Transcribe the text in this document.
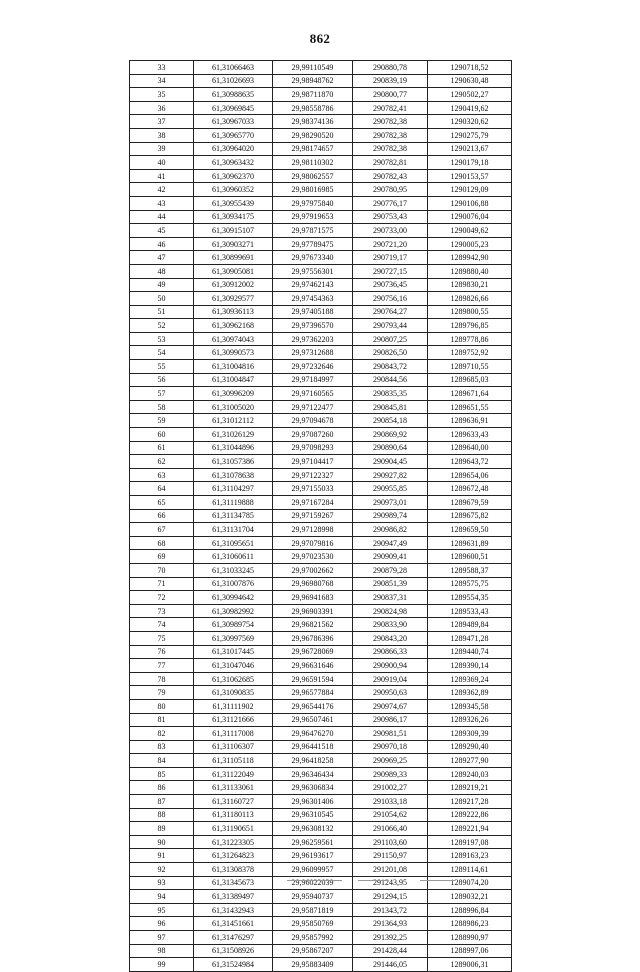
862
33	61,31066463	29,99110549	290880,78	1290718,52
34	61,31026693	29,98948762	290839,19	1290630,48
35	61,30988635	29,98711870	290800,77	1290502,27
36	61,30969845	29,98558786	290782,41	1290419,62
37	61,30967033	29,98374136	290782,38	1290320,62
38	61,30965770	29,98290520	290782,38	1290275,79
39	61,30964020	29,98174657	290782,38	1290213,67
40	61,30963432	29,98110302	290782,81	1290179,18
41	61,30962370	29,98062557	290782,43	1290153,57
42	61,30960352	29,98016985	290780,95	1290129,09
43	61,30955439	29,97975840	290776,17	1290106,88
44	61,30934175	29,97919653	290753,43	1290076,04
45	61,30915107	29,97871575	290733,00	1290049,62
46	61,30903271	29,97789475	290721,20	1290005,23
47	61,30899691	29,97673340	290719,17	1289942,90
48	61,30905081	29,97556301	290727,15	1289880,40
49	61,30912002	29,97462143	290736,45	1289830,21
50	61,30929577	29,97454363	290756,16	1289826,66
51	61,30936113	29,97405188	290764,27	1289800,55
52	61,30962168	29,97396570	290793,44	1289796,85
53	61,30974043	29,97362203	290807,25	1289778,86
54	61,30990573	29,97312688	290826,50	1289752,92
55	61,31004816	29,97232646	290843,72	1289710,55
56	61,31004847	29,97184997	290844,56	1289685,03
57	61,30996209	29,97160565	290835,35	1289671,64
58	61,31005020	29,97122477	290845,81	1289651,55
59	61,31012112	29,97094678	290854,18	1289636,91
60	61,31026129	29,97087260	290869,92	1289633,43
61	61,31044896	29,97098293	290890,64	1289640,00
62	61,31057386	29,97104417	290904,45	1289643,72
63	61,31078638	29,97122327	290927,82	1289654,06
64	61,31104297	29,97155033	290955,85	1289672,48
65	61,31119888	29,97167284	290973,01	1289679,59
66	61,31134785	29,97159267	290989,74	1289675,82
67	61,31131704	29,97128998	290986,82	1289659,50
68	61,31095651	29,97079816	290947,49	1289631,89
69	61,31060611	29,97023530	290909,41	1289600,51
70	61,31033245	29,97002662	290879,28	1289588,37
71	61,31007876	29,96980768	290851,39	1289575,75
72	61,30994642	29,96941683	290837,31	1289554,35
73	61,30982992	29,96903391	290824,98	1289533,43
74	61,30989754	29,96821562	290833,90	1289489,84
75	61,30997569	29,96786396	290843,20	1289471,28
76	61,31017445	29,96728069	290866,33	1289440,74
77	61,31047046	29,96631646	290900,94	1289390,14
78	61,31062685	29,96591594	290919,04	1289369,24
79	61,31090835	29,96577884	290950,63	1289362,89
80	61,31111902	29,96544176	290974,67	1289345,58
81	61,31121666	29,96507461	290986,17	1289326,26
82	61,31117008	29,96476270	290981,51	1289309,39
83	61,31106307	29,96441518	290970,18	1289290,40
84	61,31105118	29,96418258	290969,25	1289277,90
85	61,31122049	29,96346434	290989,33	1289240,03
86	61,31133061	29,96306834	291002,27	1289219,21
87	61,31160727	29,96301406	291033,18	1289217,28
88	61,31180113	29,96310545	291054,62	1289222,86
89	61,31190651	29,96308132	291066,40	1289221,94
90	61,31223305	29,96259561	291103,60	1289197,08
91	61,31264823	29,96193617	291150,97	1289163,23
92	61,31308378	29,96099957	291201,08	1289114,61
93	61,31345673	29,96022039	291243,95	1289074,20
94	61,31389497	29,95940737	291294,15	1289032,21
95	61,31432943	29,95871819	291343,72	1288996,84
96	61,31451661	29,95850769	291364,93	1288986,23
97	61,31476297	29,95857992	291392,25	1288990,97
98	61,31508926	29,95867207	291428,44	1288997,06
99	61,31524984	29,95883409	291446,05	1289006,31
